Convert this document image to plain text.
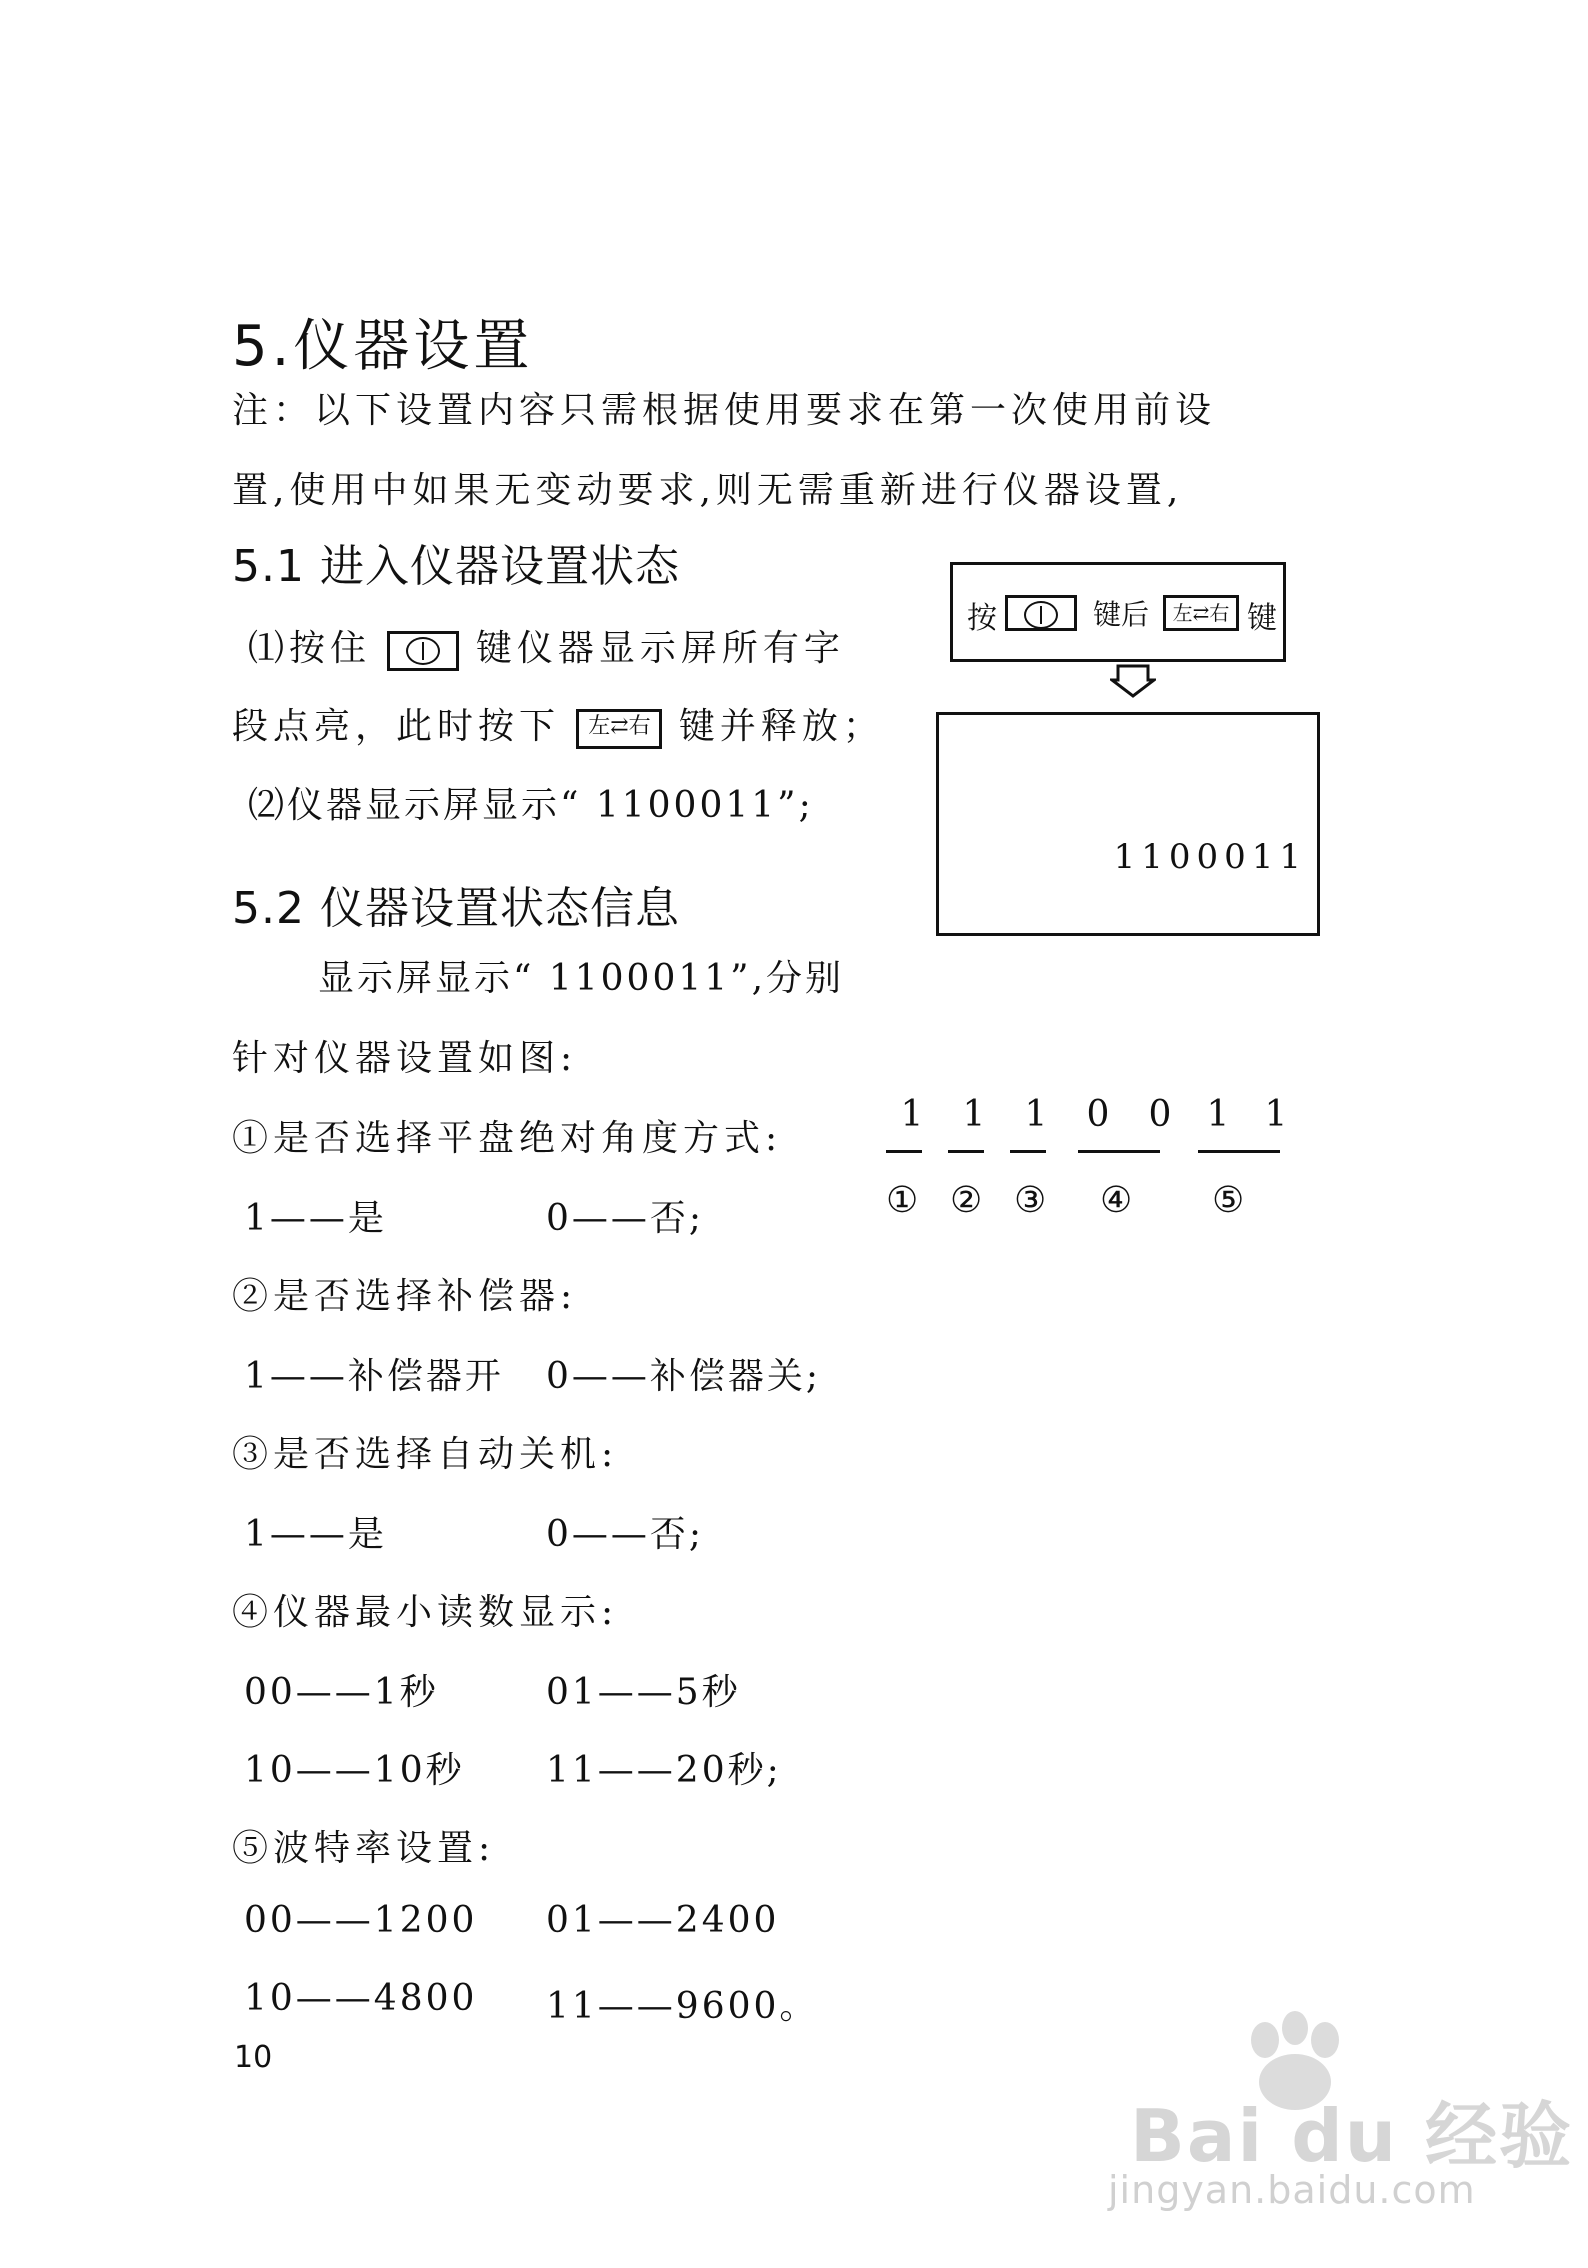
5.仪器设置
注：以下设置内容只需根据使用要求在第一次使用前设
置,使用中如果无变动要求,则无需重新进行仪器设置,
5.1 进入仪器设置状态
⑴按住	键仪器显示屏所有字
段点亮，此时按下 左⇄右 键并释放；
⑵仪器显示屏显示“ 1100011”;
按	键后	左⇄右 键
1100011
5.2 仪器设置状态信息
显示屏显示“ 1100011”,分别
针对仪器设置如图:
1 1 1 0 0 1 1
① ② ③ ④ ⑤
①是否选择平盘绝对角度方式:
1——是	0——否;
②是否选择补偿器:
1——补偿器开 0——补偿器关;
③是否选择自动关机:
1——是	0——否;
④仪器最小读数显示:
00——1秒	01——5秒
10——10秒 11——20秒;
⑤波特率设置:
00——1200 01——2400
10——4800 11——9600。
10
Bai du 经验
jingyan.baidu.com
